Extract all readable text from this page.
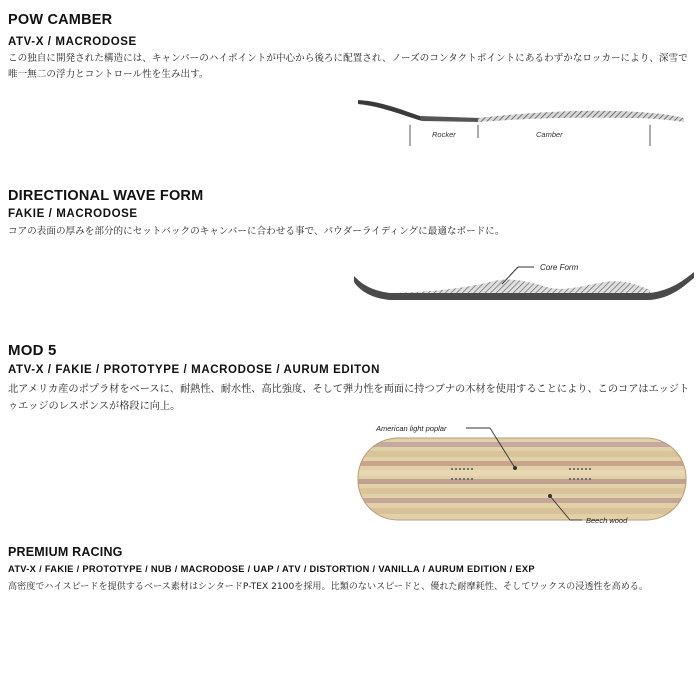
POW CAMBER
ATV-X / MACRODOSE
この独自に開発された構造には、キャンパーのハイポイントが中心から後ろに配置され、ノーズのコンタクトポイントにあるわずかなロッカーにより、深雪で唯一無二の浮力とコントロール性を生み出す。
Rocker	Camber
DIRECTIONAL WAVE FORM
FAKIE / MACRODOSE
コアの表面の厚みを部分的にセットバックのキャンバーに合わせる事で、パウダーライディングに最適なボードに。
Core Form
MOD 5
ATV-X / FAKIE / PROTOTYPE / MACRODOSE / AURUM EDITON
北アメリカ産のポプラ材をベースに、耐熱性、耐水性、高比強度、そして弾力性を両面に持つブナの木材を使用することにより、このコアはエッジトゥエッジのレスポンスが格段に向上。
American light poplar
Beech wood
PREMIUM RACING
ATV-X / FAKIE / PROTOTYPE / NUB / MACRODOSE / UAP / ATV / DISTORTION / VANILLA / AURUM EDITION / EXP
高密度でハイスピードを提供するベース素材はシンタードP-TEX 2100を採用。比類のないスピードと、優れた耐摩耗性、そしてワックスの浸透性を高める。
